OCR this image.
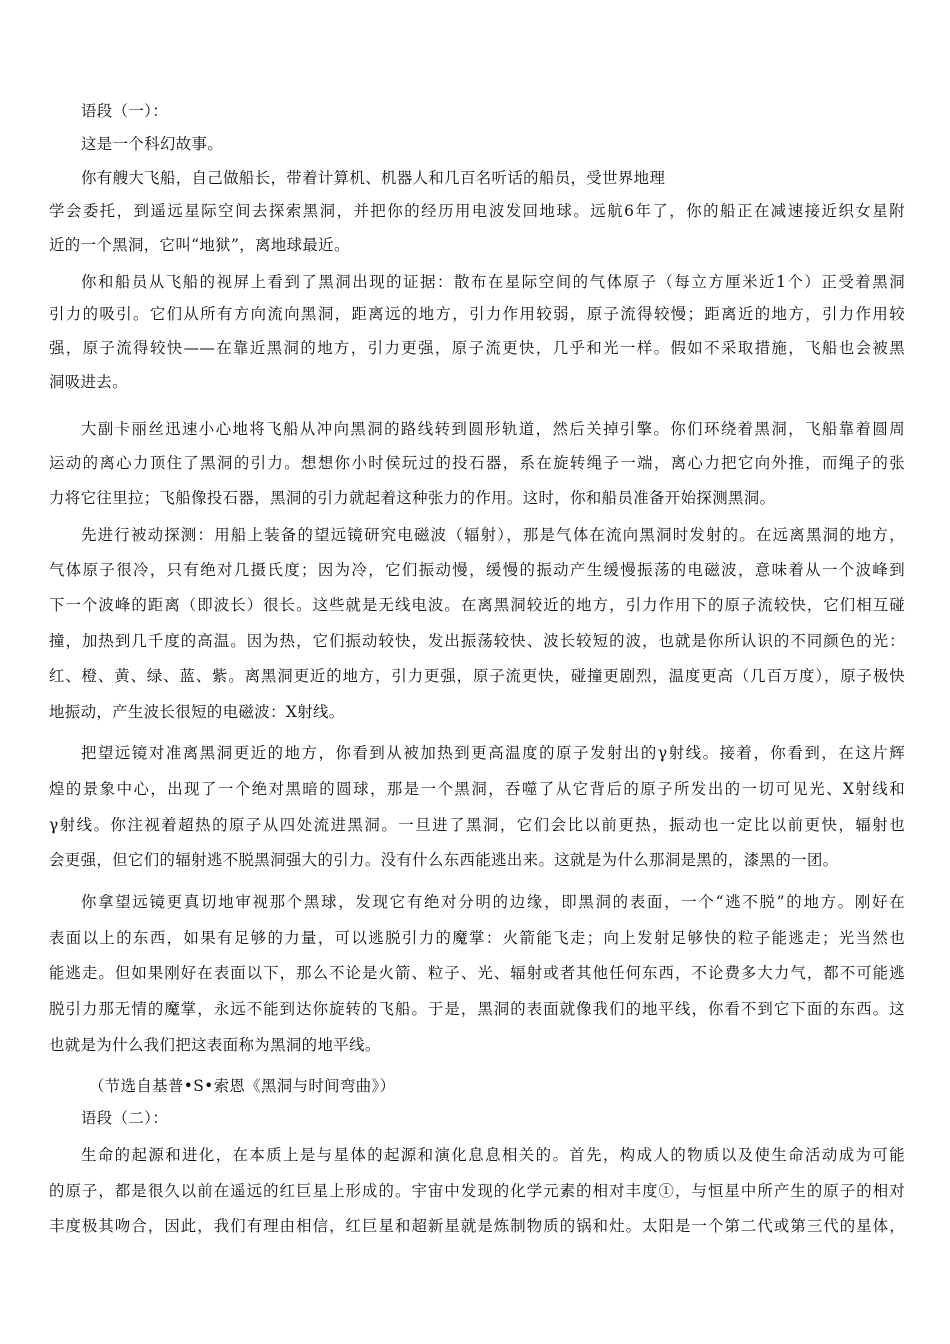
语段（一）：
这是一个科幻故事。
你有艘大飞船，自己做船长，带着计算机、机器人和几百名听话的船员，受世界地理
学会委托，到遥远星际空间去探索黑洞，并把你的经历用电波发回地球。远航6年了，你的船正在减速接近织女星附
近的一个黑洞，它叫“地狱”，离地球最近。
你和船员从飞船的视屏上看到了黑洞出现的证据：散布在星际空间的气体原子（每立方厘米近1个）正受着黑洞
引力的吸引。它们从所有方向流向黑洞，距离远的地方，引力作用较弱，原子流得较慢；距离近的地方，引力作用较
强，原子流得较快——在靠近黑洞的地方，引力更强，原子流更快，几乎和光一样。假如不采取措施，飞船也会被黑
洞吸进去。
大副卡丽丝迅速小心地将飞船从冲向黑洞的路线转到圆形轨道，然后关掉引擎。你们环绕着黑洞，飞船靠着圆周
运动的离心力顶住了黑洞的引力。想想你小时侯玩过的投石器，系在旋转绳子一端，离心力把它向外推，而绳子的张
力将它往里拉；飞船像投石器，黑洞的引力就起着这种张力的作用。这时，你和船员准备开始探测黑洞。
先进行被动探测：用船上装备的望远镜研究电磁波（辐射），那是气体在流向黑洞时发射的。在远离黑洞的地方，
气体原子很冷，只有绝对几摄氏度；因为冷，它们振动慢，缓慢的振动产生缓慢振荡的电磁波，意味着从一个波峰到
下一个波峰的距离（即波长）很长。这些就是无线电波。在离黑洞较近的地方，引力作用下的原子流较快，它们相互碰
撞，加热到几千度的高温。因为热，它们振动较快，发出振荡较快、波长较短的波，也就是你所认识的不同颜色的光：
红、橙、黄、绿、蓝、紫。离黑洞更近的地方，引力更强，原子流更快，碰撞更剧烈，温度更高（几百万度），原子极快
地振动，产生波长很短的电磁波：X射线。
把望远镜对准离黑洞更近的地方，你看到从被加热到更高温度的原子发射出的γ射线。接着，你看到，在这片辉
煌的景象中心，出现了一个绝对黑暗的圆球，那是一个黑洞，吞噬了从它背后的原子所发出的一切可见光、X射线和
γ射线。你注视着超热的原子从四处流进黑洞。一旦进了黑洞，它们会比以前更热，振动也一定比以前更快，辐射也
会更强，但它们的辐射逃不脱黑洞强大的引力。没有什么东西能逃出来。这就是为什么那洞是黑的，漆黑的一团。
你拿望远镜更真切地审视那个黑球，发现它有绝对分明的边缘，即黑洞的表面，一个“逃不脱”的地方。刚好在
表面以上的东西，如果有足够的力量，可以逃脱引力的魔掌：火箭能飞走；向上发射足够快的粒子能逃走；光当然也
能逃走。但如果刚好在表面以下，那么不论是火箭、粒子、光、辐射或者其他任何东西，不论费多大力气，都不可能逃
脱引力那无情的魔掌，永远不能到达你旋转的飞船。于是，黑洞的表面就像我们的地平线，你看不到它下面的东西。这
也就是为什么我们把这表面称为黑洞的地平线。
（节选自基普•S•索恩《黑洞与时间弯曲》）
语段（二）：
生命的起源和进化，在本质上是与星体的起源和演化息息相关的。首先，构成人的物质以及使生命活动成为可能
的原子，都是很久以前在遥远的红巨星上形成的。宇宙中发现的化学元素的相对丰度①，与恒星中所产生的原子的相对
丰度极其吻合，因此，我们有理由相信，红巨星和超新星就是炼制物质的锅和灶。太阳是一个第二代或第三代的星体，
